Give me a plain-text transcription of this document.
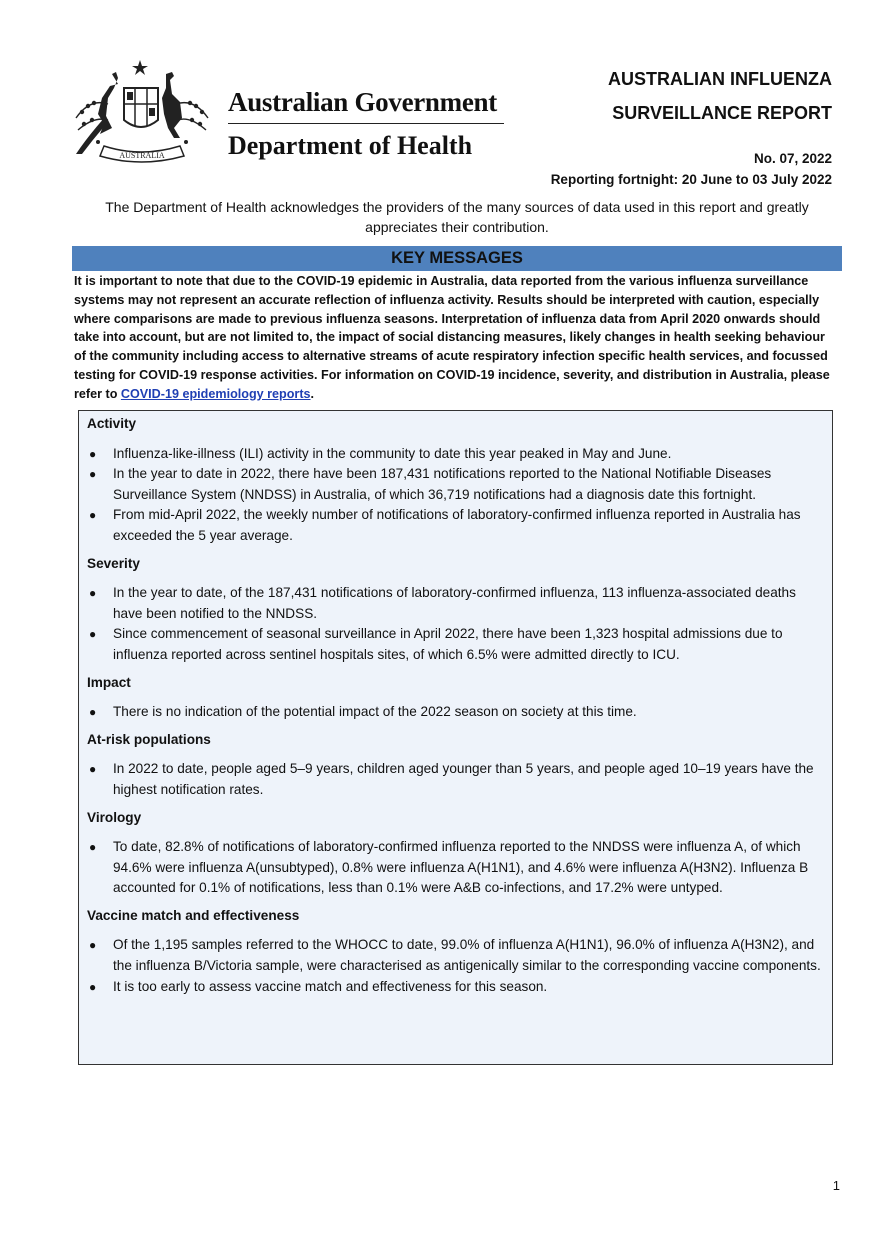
AUSTRALIA
Australian Government
Department of Health
AUSTRALIAN INFLUENZA
SURVEILLANCE REPORT
No. 07, 2022
Reporting fortnight: 20 June to 03 July 2022
The Department of Health acknowledges the providers of the many sources of data used in this report and greatly appreciates their contribution.
KEY MESSAGES
It is important to note that due to the COVID-19 epidemic in Australia, data reported from the various influenza surveillance systems may not represent an accurate reflection of influenza activity. Results should be interpreted with caution, especially where comparisons are made to previous influenza seasons. Interpretation of influenza data from April 2020 onwards should take into account, but are not limited to, the impact of social distancing measures, likely changes in health seeking behaviour of the community including access to alternative streams of acute respiratory infection specific health services, and focussed testing for COVID-19 response activities. For information on COVID-19 incidence, severity, and distribution in Australia, please refer to COVID-19 epidemiology reports.
Activity
● Influenza-like-illness (ILI) activity in the community to date this year peaked in May and June.
● In the year to date in 2022, there have been 187,431 notifications reported to the National Notifiable Diseases Surveillance System (NNDSS) in Australia, of which 36,719 notifications had a diagnosis date this fortnight.
● From mid-April 2022, the weekly number of notifications of laboratory-confirmed influenza reported in Australia has exceeded the 5 year average.
Severity
● In the year to date, of the 187,431 notifications of laboratory-confirmed influenza, 113 influenza-associated deaths have been notified to the NNDSS.
● Since commencement of seasonal surveillance in April 2022, there have been 1,323 hospital admissions due to influenza reported across sentinel hospitals sites, of which 6.5% were admitted directly to ICU.
Impact
● There is no indication of the potential impact of the 2022 season on society at this time.
At-risk populations
● In 2022 to date, people aged 5–9 years, children aged younger than 5 years, and people aged 10–19 years have the highest notification rates.
Virology
● To date, 82.8% of notifications of laboratory-confirmed influenza reported to the NNDSS were influenza A, of which 94.6% were influenza A(unsubtyped), 0.8% were influenza A(H1N1), and 4.6% were influenza A(H3N2). Influenza B accounted for 0.1% of notifications, less than 0.1% were A&B co-infections, and 17.2% were untyped.
Vaccine match and effectiveness
● Of the 1,195 samples referred to the WHOCC to date, 99.0% of influenza A(H1N1), 96.0% of influenza A(H3N2), and the influenza B/Victoria sample, were characterised as antigenically similar to the corresponding vaccine components.
● It is too early to assess vaccine match and effectiveness for this season.
1
